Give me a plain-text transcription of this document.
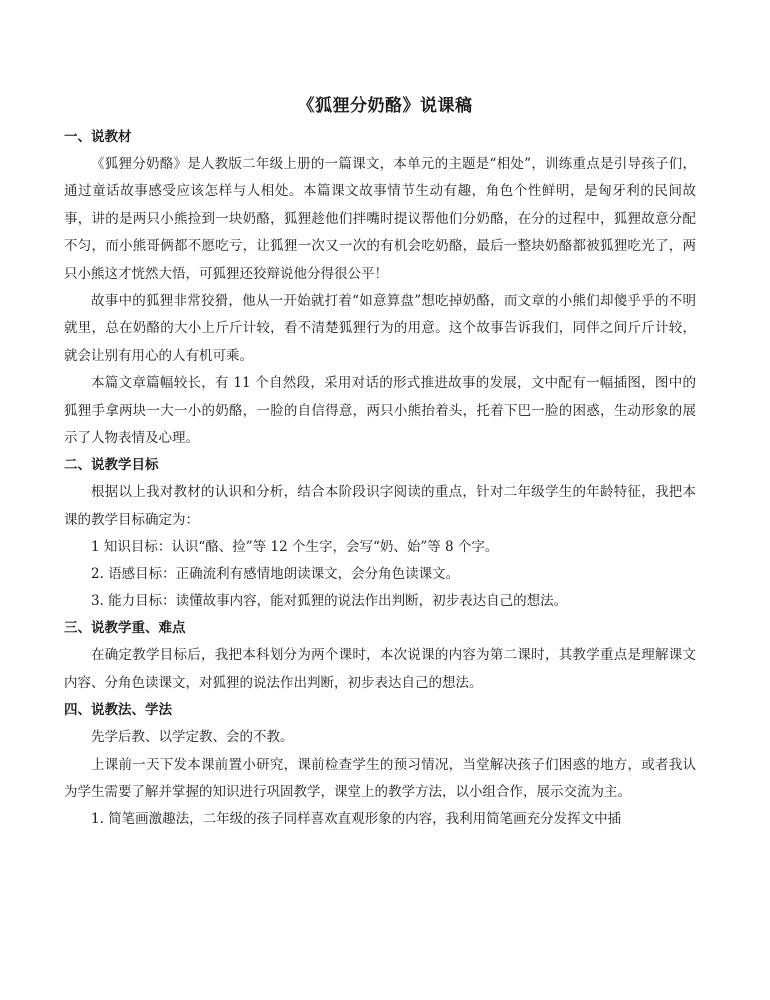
《狐狸分奶酪》说课稿
一、说教材

《狐狸分奶酪》是人教版二年级上册的一篇课文，本单元的主题是“相处”，训练重点是引导孩子们，通过童话故事感受应该怎样与人相处。本篇课文故事情节生动有趣，角色个性鲜明，是匈牙利的民间故事，讲的是两只小熊捡到一块奶酪，狐狸趁他们拌嘴时提议帮他们分奶酪，在分的过程中，狐狸故意分配不匀，而小熊哥俩都不愿吃亏，让狐狸一次又一次的有机会吃奶酪，最后一整块奶酪都被狐狸吃光了，两只小熊这才恍然大悟，可狐狸还狡辩说他分得很公平！

故事中的狐狸非常狡猾，他从一开始就打着“如意算盘”想吃掉奶酪，而文章的小熊们却傻乎乎的不明就里，总在奶酪的大小上斤斤计较，看不清楚狐狸行为的用意。这个故事告诉我们，同伴之间斤斤计较，就会让别有用心的人有机可乘。

本篇文章篇幅较长，有 11 个自然段，采用对话的形式推进故事的发展，文中配有一幅插图，图中的狐狸手拿两块一大一小的奶酪，一脸的自信得意，两只小熊抬着头，托着下巴一脸的困惑，生动形象的展示了人物表情及心理。

二、说教学目标

根据以上我对教材的认识和分析，结合本阶段识字阅读的重点，针对二年级学生的年龄特征，我把本课的教学目标确定为：

1 知识目标：认识“酪、捡”等 12 个生字，会写“奶、始”等 8 个字。
2. 语感目标：正确流利有感情地朗读课文，会分角色读课文。
3. 能力目标：读懂故事内容，能对狐狸的说法作出判断，初步表达自己的想法。
三、说教学重、难点

在确定教学目标后，我把本科划分为两个课时，本次说课的内容为第二课时，其教学重点是理解课文内容、分角色读课文，对狐狸的说法作出判断，初步表达自己的想法。

四、说教法、学法

先学后教、以学定教、会的不教。

上课前一天下发本课前置小研究，课前检查学生的预习情况，当堂解决孩子们困惑的地方，或者我认为学生需要了解并掌握的知识进行巩固教学，课堂上的教学方法，以小组合作，展示交流为主。

1. 简笔画激趣法，二年级的孩子同样喜欢直观形象的内容，我利用简笔画充分发挥文中插
